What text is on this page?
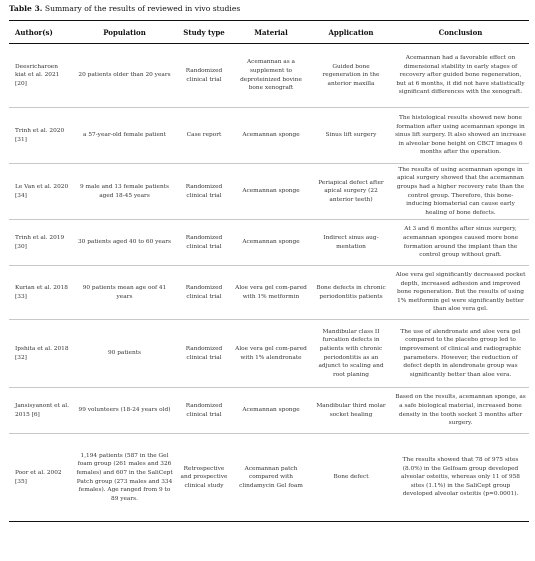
Table 3. Summary of the results of reviewed in vivo studies
Author(s)	Population	Study type	Material	Application	Conclusion
Deesricharoen kiat et al. 2021 [20]	20 patients older than 20 years	Randomized clinical trial	Acemannan as a supplement to deproteinized bovine bone xenograft	Guided bone regeneration in the anterior maxilla	Acemannan had a favorable effect on dimensional stability in early stages of recovery after guided bone regeneration, but at 6 months, it did not have statistically significant differences with the xenograft.
Trinh et al. 2020 [31]	a 57-year-old female patient	Case report	Acemannan sponge	Sinus lift surgery	The histological results showed new bone formation after using acemannan sponge in sinus lift surgery. It also showed an increase in alveolar bone height on CBCT images 6 months after the operation.
Le Van et al. 2020 [34]	9 male and 13 female patients aged 18-45 years	Randomized clinical trial	Acemannan sponge	Periapical defect after apical surgery (22 anterior teeth)	The results of using acemannan sponge in apical surgery showed that the acemannan groups had a higher recovery rate than the control group. Therefore, this bone-inducing biomaterial can cause early healing of bone defects.
Trinh et al. 2019 [30]	30 patients aged 40 to 60 years	Randomized clinical trial	Acemannan sponge	Indirect sinus aug-mentation	At 3 and 6 months after sinus surgery, acemannan sponges caused more bone formation around the implant than the control group without graft.
Kurian et al. 2018 [33]	90 patients mean age oof 41 years	Randomized clinical trial	Aloe vera gel com-pared with 1% metformin	Bone defects in chronic periodontitis patients	Aloe vera gel significantly decreased pocket depth, increased adhesion and improved bone regeneration. But the results of using 1% metformin gel were significantly better than aloe vera gel.
Ipshita et al. 2018 [32]	90 patients	Randomized clinical trial	Aloe vera gel com-pared with 1% alendronate	Mandibular class II furcation defects in patients with chronic periodontitis as an adjunct to scaling and root planing	The use of alendronate and aloe vera gel compared to the placebo group led to improvement of clinical and radiographic parameters. However, the reduction of defect depth in alendronate group was significantly better than aloe vera.
Jansisyanont et al. 2015 [6]	99 volunteers (18-24 years old)	Randomized clinical trial	Acemannan sponge	Mandibular third molar socket healing	Based on the results, acemannan sponge, as a safe biological material, increased bone density in the tooth socket 3 months after surgery.
Poor et al. 2002 [35]	1,194 patients (587 in the Gel foam group (261 males and 326 females) and 607 in the SaliCept Patch group (273 males and 334 females). Age ranged from 9 to 89 years.	Retrospective and prospective clinical study	Acemannan patch compared with clindamycin Gel foam	Bone defect	The results showed that 78 of 975 sites (8.0%) in the Gelfoam group developed alveolar osteitis, whereas only 11 of 958 sites (1.1%) in the SaliCept group developed alveolar osteitis (p=0.0001).
